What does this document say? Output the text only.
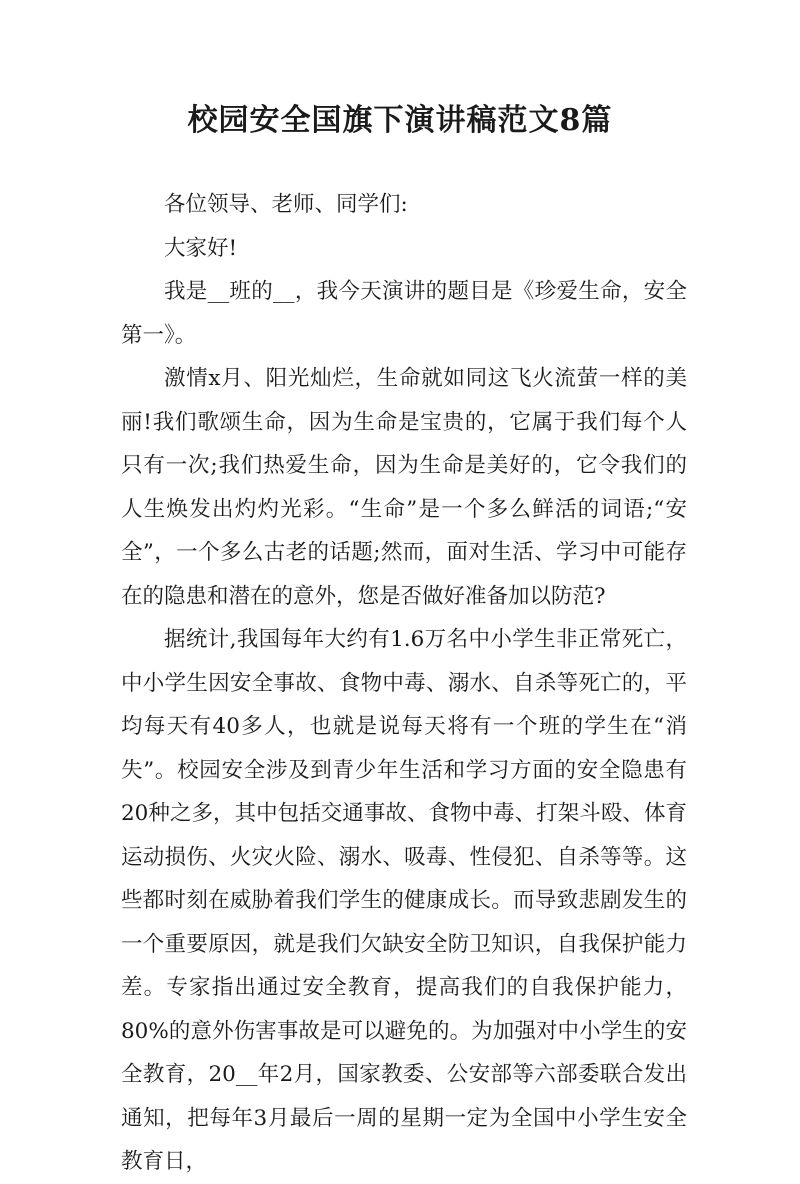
校园安全国旗下演讲稿范文8篇

各位领导、老师、同学们:

大家好!

我是__班的__，我今天演讲的题目是《珍爱生命，安全第一》。

激情x月、阳光灿烂，生命就如同这飞火流萤一样的美丽!我们歌颂生命，因为生命是宝贵的，它属于我们每个人只有一次;我们热爱生命，因为生命是美好的，它令我们的人生焕发出灼灼光彩。“生命”是一个多么鲜活的词语;“安全”，一个多么古老的话题;然而，面对生活、学习中可能存在的隐患和潜在的意外，您是否做好准备加以防范?

据统计,我国每年大约有1.6万名中小学生非正常死亡，中小学生因安全事故、食物中毒、溺水、自杀等死亡的，平均每天有40多人，也就是说每天将有一个班的学生在“消失”。校园安全涉及到青少年生活和学习方面的安全隐患有20种之多，其中包括交通事故、食物中毒、打架斗殴、体育运动损伤、火灾火险、溺水、吸毒、性侵犯、自杀等等。这些都时刻在威胁着我们学生的健康成长。而导致悲剧发生的一个重要原因，就是我们欠缺安全防卫知识，自我保护能力差。专家指出通过安全教育，提高我们的自我保护能力，80%的意外伤害事故是可以避免的。为加强对中小学生的安全教育，20__年2月，国家教委、公安部等六部委联合发出通知，把每年3月最后一周的星期一定为全国中小学生安全教育日，
